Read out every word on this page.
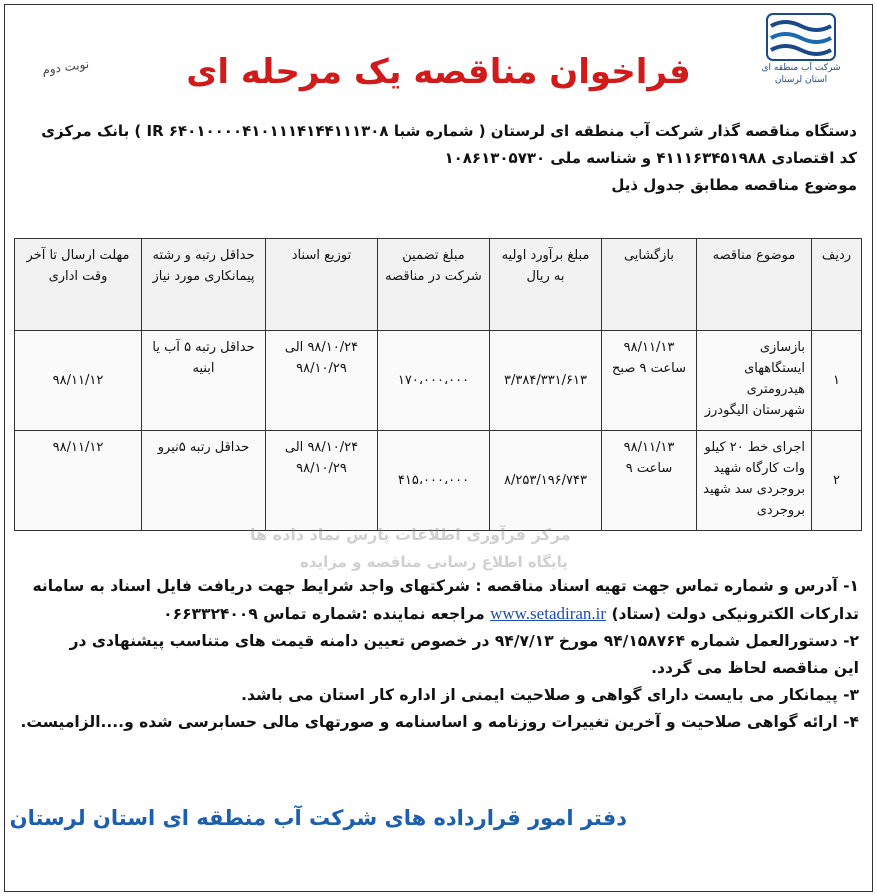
شرکت آب منطقه ای
استان لرستان
فراخوان مناقصه یک مرحله ای
نوبت دوم
دستگاه مناقصه گذار شرکت آب منطقه ای لرستان ( شماره شبا IR ۶۴۰۱۰۰۰۰۴۱۰۱۱۱۴۱۴۴۱۱۱۳۰۸ ) بانک مرکزی
کد اقتصادی ۴۱۱۱۶۳۴۵۱۹۸۸ و شناسه ملی ۱۰۸۶۱۳۰۵۷۳۰
موضوع مناقصه مطابق جدول ذیل
ردیف	موضوع مناقصه	بازگشایی	مبلغ برآورد اولیه به ریال	مبلغ تضمین شرکت در مناقصه	توزیع اسناد	حداقل رتبه و رشته پیمانکاری مورد نیاز	مهلت ارسال تا آخر وقت اداری
۱	بازسازی ایستگاههای هیدرومتری شهرستان الیگودرز	۹۸/۱۱/۱۳ ساعت ۹ صبح	۳/۳۸۴/۳۳۱/۶۱۳	۱۷۰،۰۰۰،۰۰۰	۹۸/۱۰/۲۴ الی ۹۸/۱۰/۲۹	حداقل رتبه ۵ آب یا ابنیه	۹۸/۱۱/۱۲
۲	اجرای خط ۲۰ کیلو وات کارگاه شهید بروجردی سد شهید بروجردی	۹۸/۱۱/۱۳ ساعت ۹	۸/۲۵۳/۱۹۶/۷۴۳	۴۱۵،۰۰۰،۰۰۰	۹۸/۱۰/۲۴ الی ۹۸/۱۰/۲۹	حداقل رتبه ۵نیرو	۹۸/۱۱/۱۲
مرکز فرآوری اطلاعات پارس نماد داده ها
پایگاه اطلاع رسانی مناقصه و مزایده

۱- آدرس و شماره تماس جهت تهیه اسناد مناقصه : شرکتهای واجد شرایط جهت دریافت فایل اسناد به سامانه

تدارکات الکترونیکی دولت (ستاد) www.setadiran.ir مراجعه نماینده :شماره تماس ۰۶۶۳۳۲۴۰۰۹

۲- دستورالعمل شماره ۹۴/۱۵۸۷۶۴ مورخ ۹۴/۷/۱۳ در خصوص تعیین دامنه قیمت های متناسب پیشنهادی در

این مناقصه لحاظ می گردد.

۳- پیمانکار می بایست دارای گواهی و صلاحیت ایمنی از اداره کار استان می باشد.

۴- ارائه گواهی صلاحیت و آخرین تغییرات روزنامه و اساسنامه و صورتهای مالی حسابرسی شده و....الزامیست.

دفتر امور قرارداده های شرکت آب منطقه ای استان لرستان
